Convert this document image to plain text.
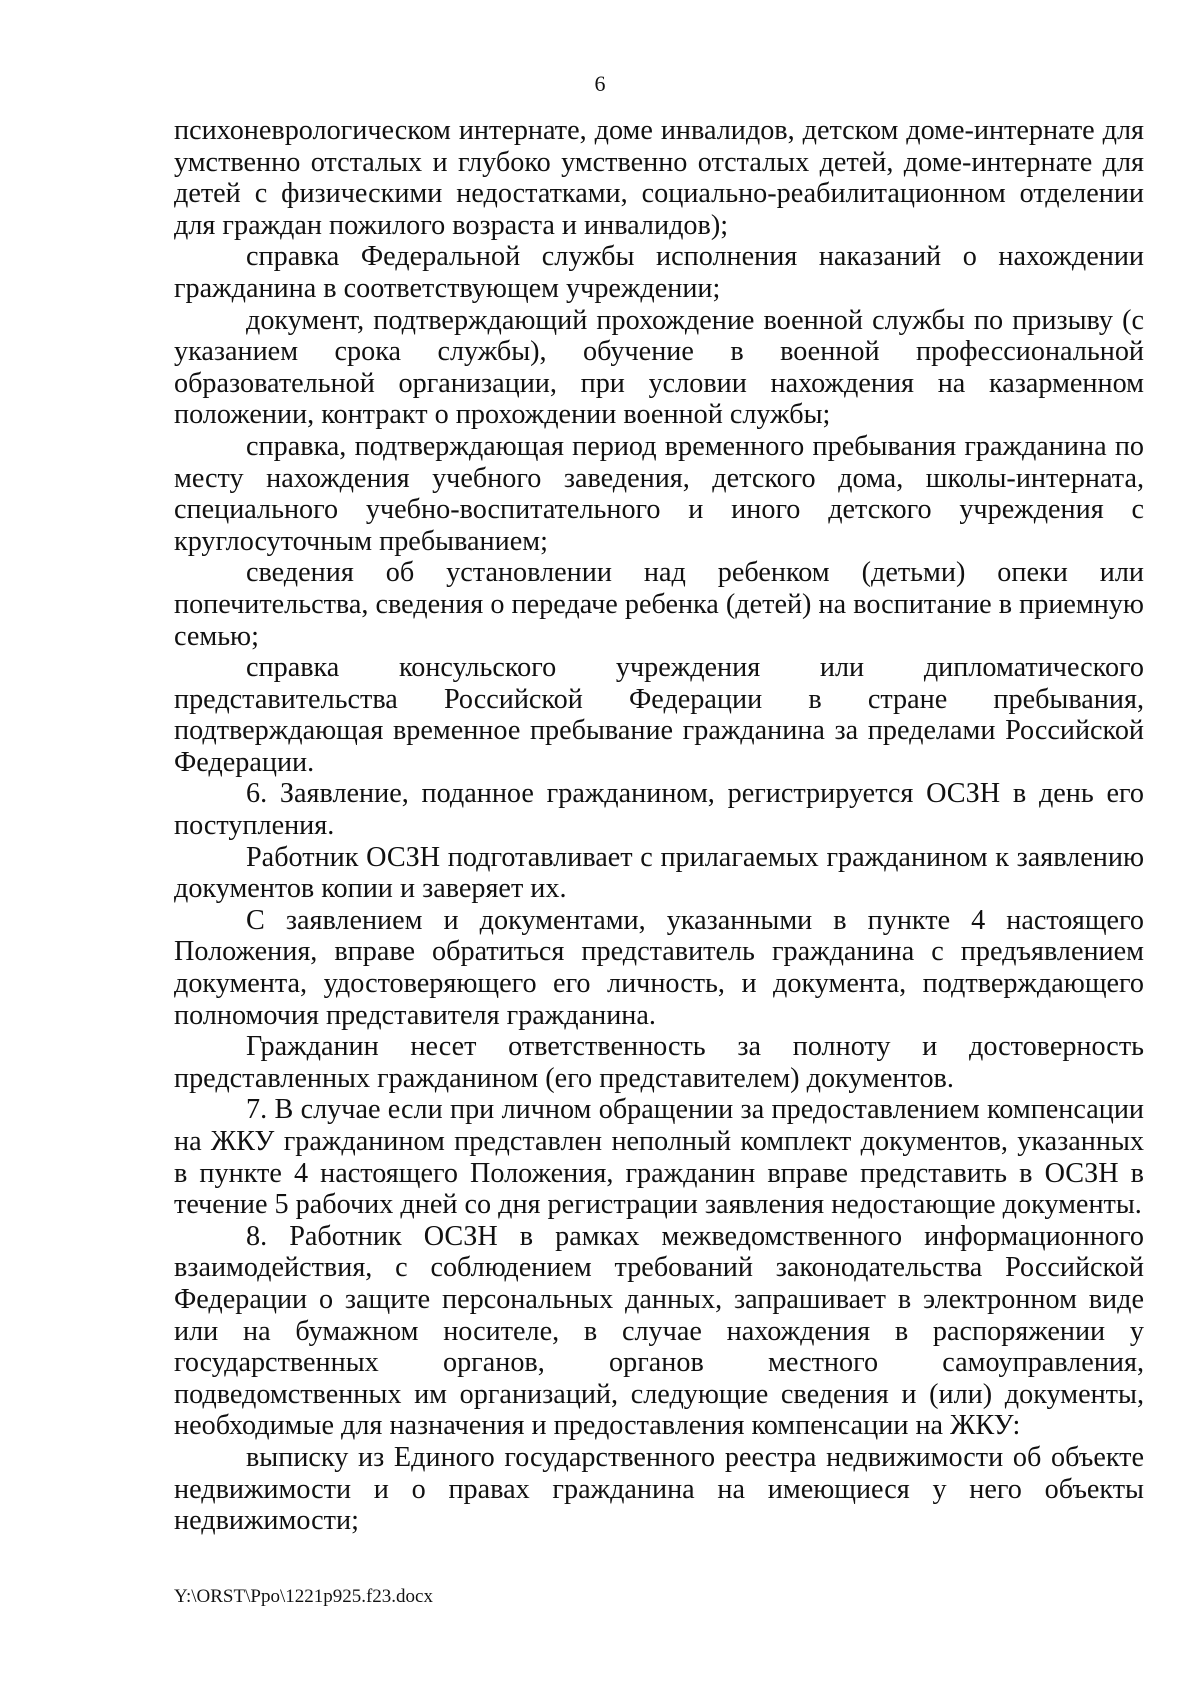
6

психоневрологическом интернате, доме инвалидов, детском доме-интернате для умственно отсталых и глубоко умственно отсталых детей, доме-интернате для детей с физическими недостатками, социально-реабилитационном отделении для граждан пожилого возраста и инвалидов);

справка Федеральной службы исполнения наказаний о нахождении гражданина в соответствующем учреждении;

документ, подтверждающий прохождение военной службы по призыву (с указанием срока службы), обучение в военной профессиональной образовательной организации, при условии нахождения на казарменном положении, контракт о прохождении военной службы;

справка, подтверждающая период временного пребывания гражданина по месту нахождения учебного заведения, детского дома, школы-интерната, специального учебно-воспитательного и иного детского учреждения с круглосуточным пребыванием;

сведения об установлении над ребенком (детьми) опеки или попечительства, сведения о передаче ребенка (детей) на воспитание в приемную семью;

справка консульского учреждения или дипломатического представительства Российской Федерации в стране пребывания, подтверждающая временное пребывание гражданина за пределами Российской Федерации.

6. Заявление, поданное гражданином, регистрируется ОСЗН в день его поступления.

Работник ОСЗН подготавливает с прилагаемых гражданином к заявлению документов копии и заверяет их.

С заявлением и документами, указанными в пункте 4 настоящего Положения, вправе обратиться представитель гражданина с предъявлением документа, удостоверяющего его личность, и документа, подтверждающего полномочия представителя гражданина.

Гражданин несет ответственность за полноту и достоверность представленных гражданином (его представителем) документов.

7. В случае если при личном обращении за предоставлением компенсации на ЖКУ гражданином представлен неполный комплект документов, указанных в пункте 4 настоящего Положения, гражданин вправе представить в ОСЗН в течение 5 рабочих дней со дня регистрации заявления недостающие документы.

8. Работник ОСЗН в рамках межведомственного информационного взаимодействия, с соблюдением требований законодательства Российской Федерации о защите персональных данных, запрашивает в электронном виде или на бумажном носителе, в случае нахождения в распоряжении у государственных органов, органов местного самоуправления, подведомственных им организаций, следующие сведения и (или) документы, необходимые для назначения и предоставления компенсации на ЖКУ:

выписку из Единого государственного реестра недвижимости об объекте недвижимости и о правах гражданина на имеющиеся у него объекты недвижимости;

Y:\ORST\Ppo\1221p925.f23.docx
